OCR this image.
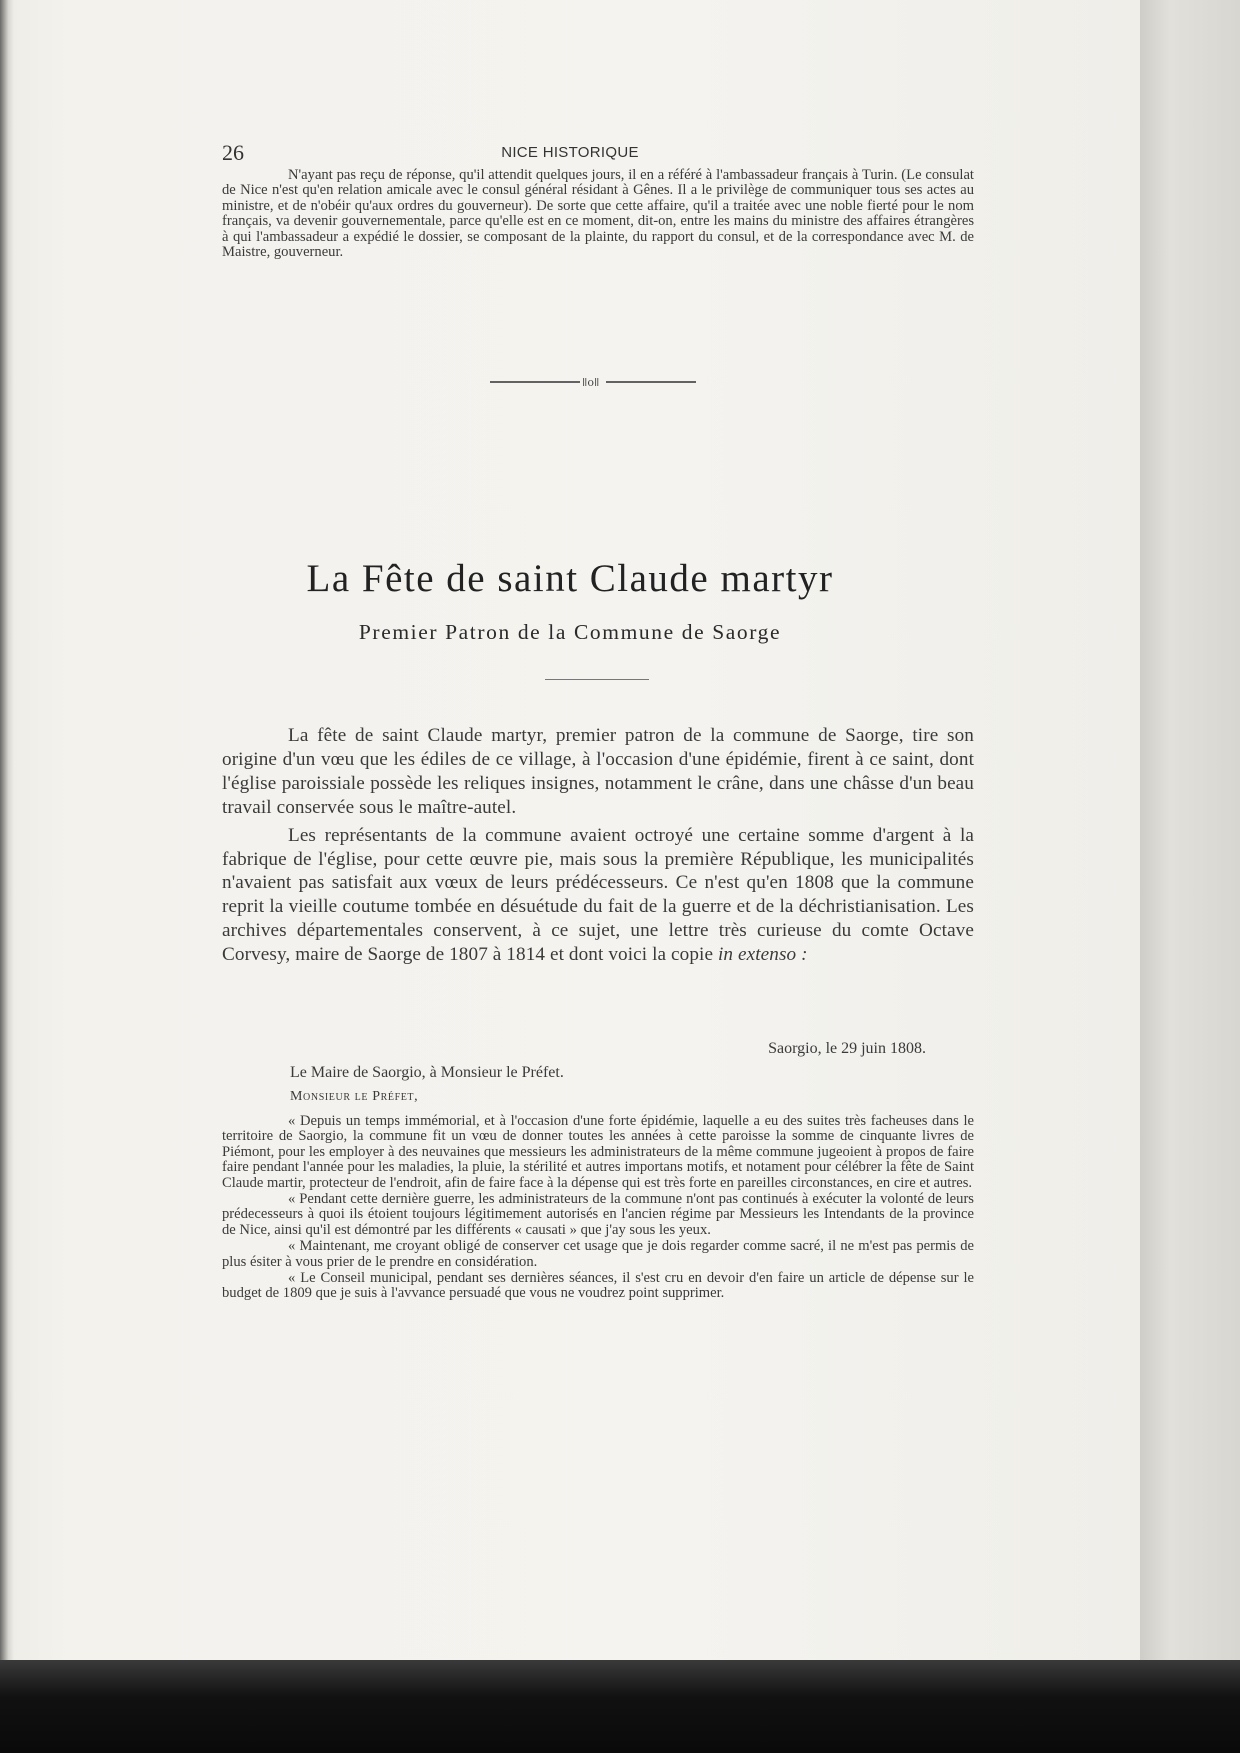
26	NICE HISTORIQUE

N'ayant pas reçu de réponse, qu'il attendit quelques jours, il en a référé à l'ambassadeur français à Turin. (Le consulat de Nice n'est qu'en relation amicale avec le consul général résidant à Gênes. Il a le privilège de communiquer tous ses actes au ministre, et de n'obéir qu'aux ordres du gouverneur). De sorte que cette affaire, qu'il a traitée avec une noble fierté pour le nom français, va devenir gouvernementale, parce qu'elle est en ce moment, dit-on, entre les mains du ministre des affaires étrangères à qui l'ambassadeur a expédié le dossier, se composant de la plainte, du rapport du consul, et de la correspondance avec M. de Maistre, gouverneur.

ǁoǁ
La Fête de saint Claude martyr
Premier Patron de la Commune de Saorge

La fête de saint Claude martyr, premier patron de la commune de Saorge, tire son origine d'un vœu que les édiles de ce village, à l'occasion d'une épidémie, firent à ce saint, dont l'église paroissiale possède les reliques insignes, notamment le crâne, dans une châsse d'un beau travail conservée sous le maître-autel.

Les représentants de la commune avaient octroyé une certaine somme d'argent à la fabrique de l'église, pour cette œuvre pie, mais sous la première République, les municipalités n'avaient pas satisfait aux vœux de leurs prédécesseurs. Ce n'est qu'en 1808 que la commune reprit la vieille coutume tombée en désuétude du fait de la guerre et de la déchristianisation. Les archives départementales conservent, à ce sujet, une lettre très curieuse du comte Octave Corvesy, maire de Saorge de 1807 à 1814 et dont voici la copie in extenso :

Saorgio, le 29 juin 1808.
Le Maire de Saorgio, à Monsieur le Préfet.
Monsieur le Préfet,

« Depuis un temps immémorial, et à l'occasion d'une forte épidémie, laquelle a eu des suites très facheuses dans le territoire de Saorgio, la commune fit un vœu de donner toutes les années à cette paroisse la somme de cinquante livres de Piémont, pour les employer à des neuvaines que messieurs les administrateurs de la même commune jugeoient à propos de faire faire pendant l'année pour les maladies, la pluie, la stérilité et autres importans motifs, et notament pour célébrer la fête de Saint Claude martir, protecteur de l'endroit, afin de faire face à la dépense qui est très forte en pareilles circonstances, en cire et autres.

« Pendant cette dernière guerre, les administrateurs de la commune n'ont pas continués à exécuter la volonté de leurs prédecesseurs à quoi ils étoient toujours légitimement autorisés en l'ancien régime par Messieurs les Intendants de la province de Nice, ainsi qu'il est démontré par les différents « causati » que j'ay sous les yeux.

« Maintenant, me croyant obligé de conserver cet usage que je dois regarder comme sacré, il ne m'est pas permis de plus ésiter à vous prier de le prendre en considération.

« Le Conseil municipal, pendant ses dernières séances, il s'est cru en devoir d'en faire un article de dépense sur le budget de 1809 que je suis à l'avvance persuadé que vous ne voudrez point supprimer.
